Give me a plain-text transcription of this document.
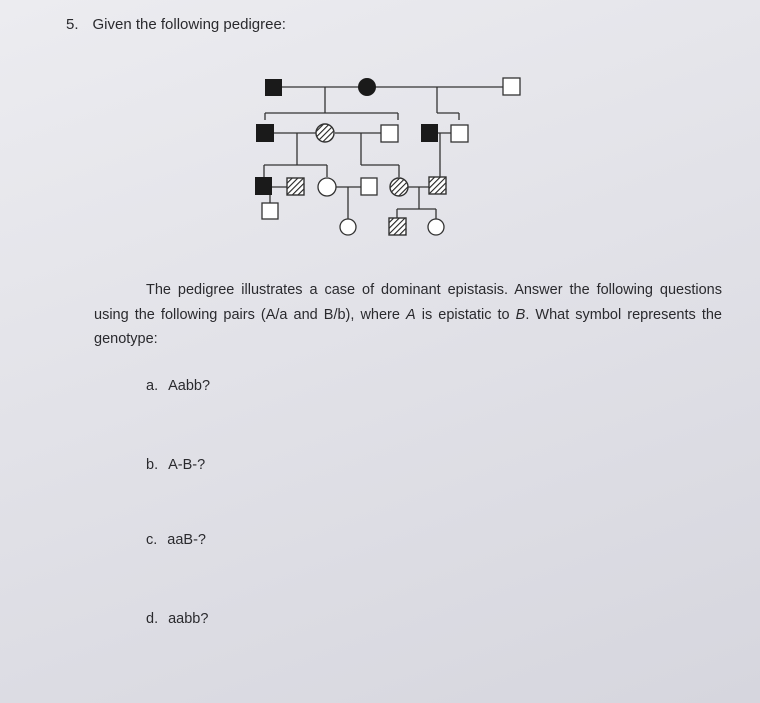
5. Given the following pedigree:
The pedigree illustrates a case of dominant epistasis. Answer the following questions using the following pairs (A/a and B/b), where A is epistatic to B. What symbol represents the genotype:
a. Aabb?
b. A-B-?
c. aaB-?
d. aabb?
